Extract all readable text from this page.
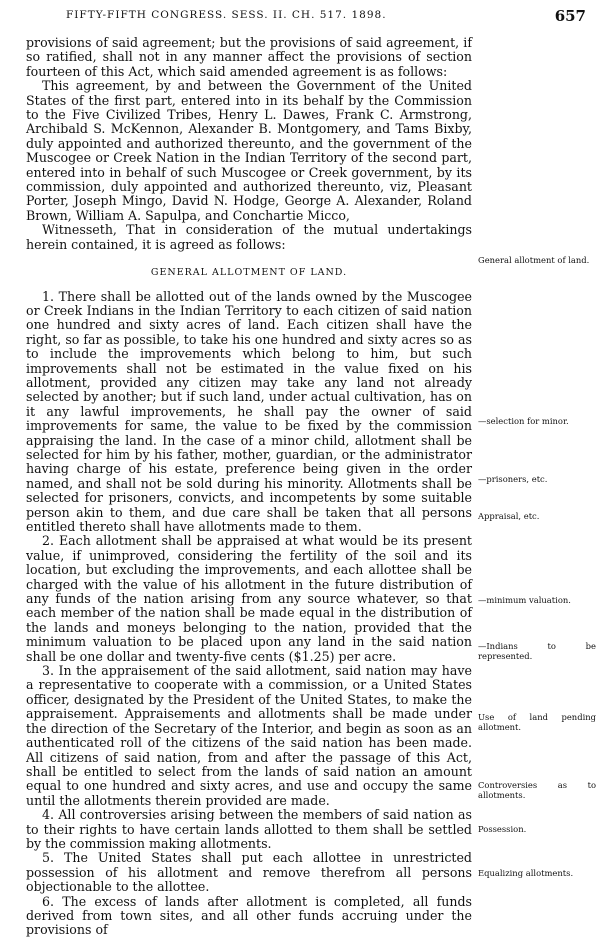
FIFTY-FIFTH CONGRESS. SESS. II. CH. 517. 1898.	657

provisions of said agreement; but the provisions of said agreement, if so ratified, shall not in any manner affect the provisions of section fourteen of this Act, which said amended agreement is as follows:

This agreement, by and between the Government of the United States of the first part, entered into in its behalf by the Commission to the Five Civilized Tribes, Henry L. Dawes, Frank C. Armstrong, Archibald S. McKennon, Alexander B. Montgomery, and Tams Bixby, duly appointed and authorized thereunto, and the government of the Muscogee or Creek Nation in the Indian Territory of the second part, entered into in behalf of such Muscogee or Creek government, by its commission, duly appointed and authorized thereunto, viz, Pleasant Porter, Joseph Mingo, David N. Hodge, George A. Alexander, Roland Brown, William A. Sapulpa, and Conchartie Micco,

Witnesseth, That in consideration of the mutual undertakings herein contained, it is agreed as follows:

GENERAL ALLOTMENT OF LAND.

1. There shall be allotted out of the lands owned by the Muscogee or Creek Indians in the Indian Territory to each citizen of said nation one hundred and sixty acres of land. Each citizen shall have the right, so far as possible, to take his one hundred and sixty acres so as to include the improvements which belong to him, but such improvements shall not be estimated in the value fixed on his allotment, provided any citizen may take any land not already selected by another; but if such land, under actual cultivation, has on it any lawful improvements, he shall pay the owner of said improvements for same, the value to be fixed by the commission appraising the land. In the case of a minor child, allotment shall be selected for him by his father, mother, guardian, or the administrator having charge of his estate, preference being given in the order named, and shall not be sold during his minority. Allotments shall be selected for prisoners, convicts, and incompetents by some suitable person akin to them, and due care shall be taken that all persons entitled thereto shall have allotments made to them.

2. Each allotment shall be appraised at what would be its present value, if unimproved, considering the fertility of the soil and its location, but excluding the improvements, and each allottee shall be charged with the value of his allotment in the future distribution of any funds of the nation arising from any source whatever, so that each member of the nation shall be made equal in the distribution of the lands and moneys belonging to the nation, provided that the minimum valuation to be placed upon any land in the said nation shall be one dollar and twenty-five cents ($1.25) per acre.

3. In the appraisement of the said allotment, said nation may have a representative to cooperate with a commission, or a United States officer, designated by the President of the United States, to make the appraisement. Appraisements and allotments shall be made under the direction of the Secretary of the Interior, and begin as soon as an authenticated roll of the citizens of the said nation has been made. All citizens of said nation, from and after the passage of this Act, shall be entitled to select from the lands of said nation an amount equal to one hundred and sixty acres, and use and occupy the same until the allotments therein provided are made.

4. All controversies arising between the members of said nation as to their rights to have certain lands allotted to them shall be settled by the commission making allotments.

5. The United States shall put each allottee in unrestricted possession of his allotment and remove therefrom all persons objectionable to the allottee.

6. The excess of lands after allotment is completed, all funds derived from town sites, and all other funds accruing under the provisions of

General allotment of land.
—selection for minor.
—prisoners, etc.
Appraisal, etc.
—minimum valuation.
—Indians to be represented.
Use of land pending allotment.
Controversies as to allotments.
Possession.
Equalizing allotments.
